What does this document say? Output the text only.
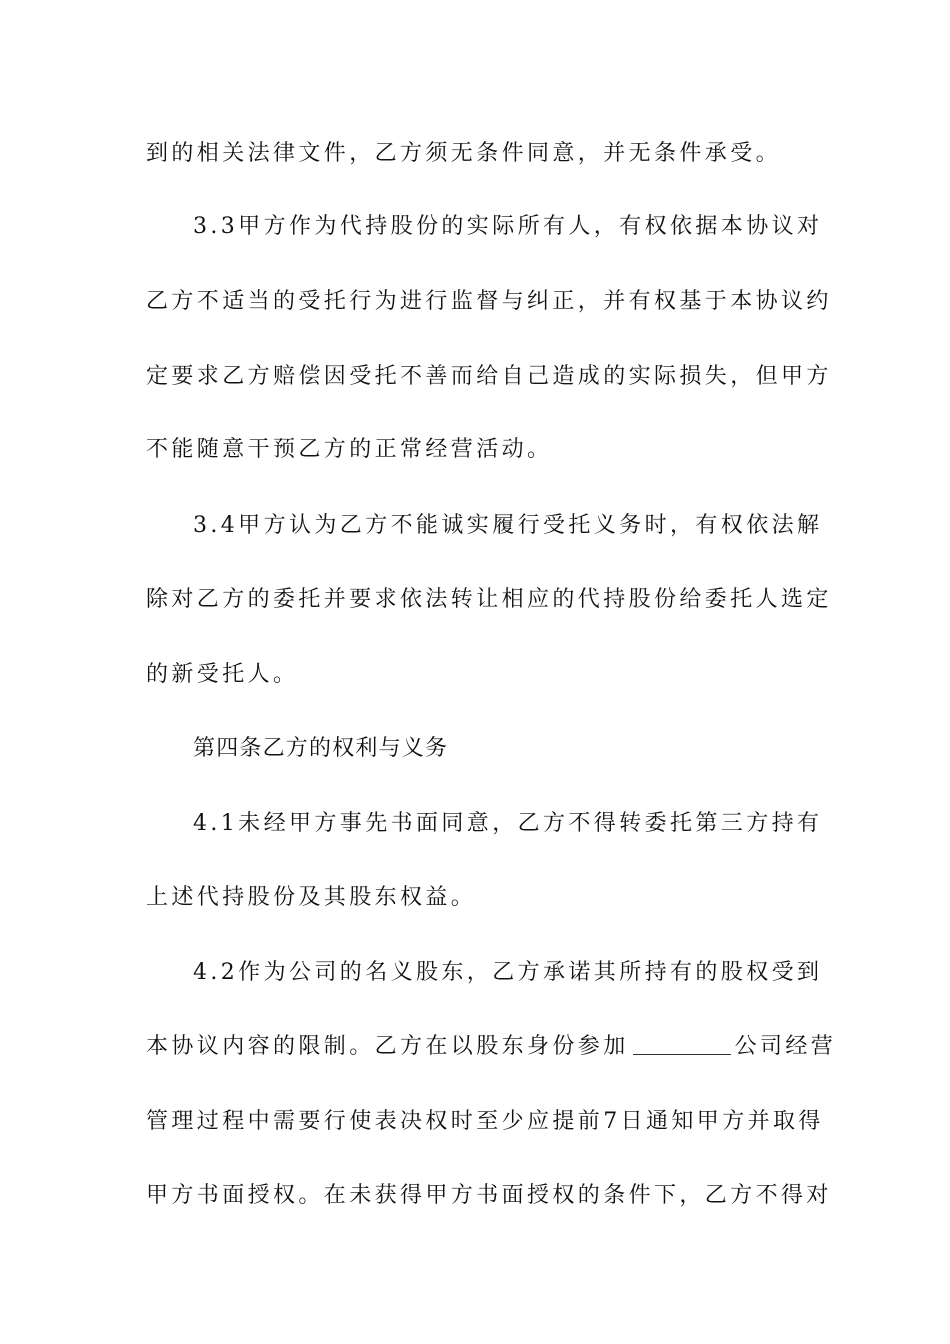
到的相关法律文件，乙方须无条件同意，并无条件承受。
3.3甲方作为代持股份的实际所有人，有权依据本协议对
乙方不适当的受托行为进行监督与纠正，并有权基于本协议约
定要求乙方赔偿因受托不善而给自己造成的实际损失，但甲方
不能随意干预乙方的正常经营活动。
3.4甲方认为乙方不能诚实履行受托义务时，有权依法解
除对乙方的委托并要求依法转让相应的代持股份给委托人选定
的新受托人。
第四条乙方的权利与义务
4.1未经甲方事先书面同意，乙方不得转委托第三方持有
上述代持股份及其股东权益。
4.2作为公司的名义股东，乙方承诺其所持有的股权受到
本协议内容的限制。乙方在以股东身份参加	公司经营
管理过程中需要行使表决权时至少应提前7日通知甲方并取得
甲方书面授权。在未获得甲方书面授权的条件下，乙方不得对
